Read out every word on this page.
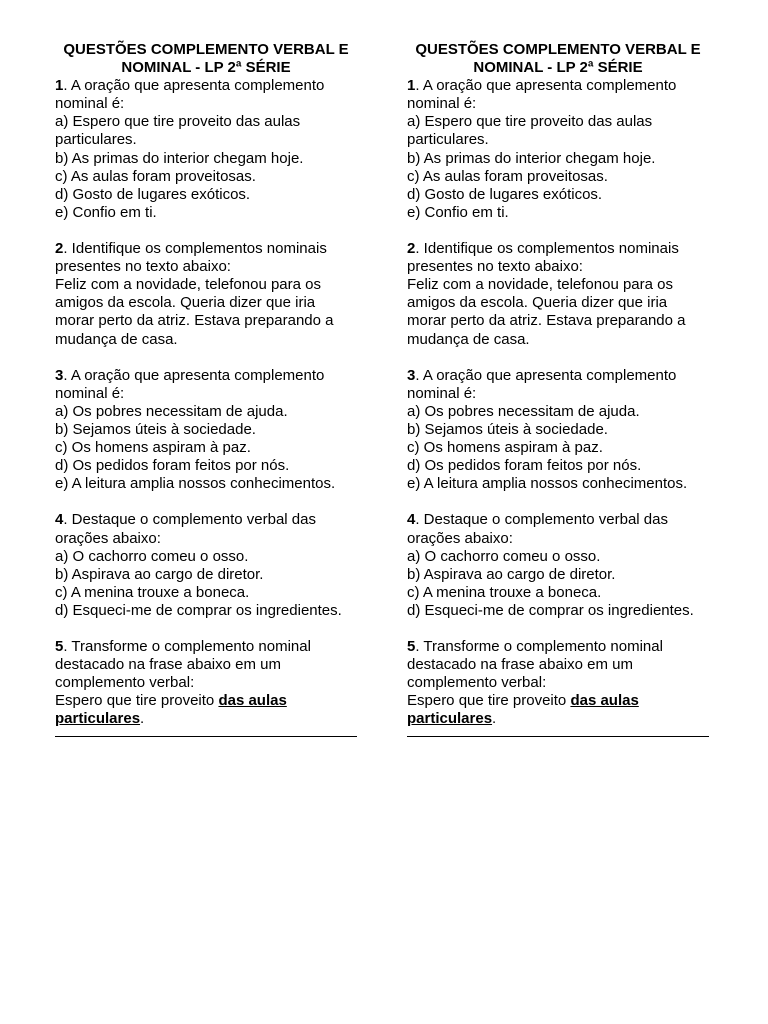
QUESTÕES COMPLEMENTO VERBAL E NOMINAL - LP 2ª SÉRIE

1. A oração que apresenta complemento nominal é:

a) Espero que tire proveito das aulas particulares.

b) As primas do interior chegam hoje.

c) As aulas foram proveitosas.

d) Gosto de lugares exóticos.

e) Confio em ti.

2. Identifique os complementos nominais presentes no texto abaixo:

Feliz com a novidade, telefonou para os amigos da escola. Queria dizer que iria morar perto da atriz. Estava preparando a mudança de casa.

3. A oração que apresenta complemento nominal é:

a) Os pobres necessitam de ajuda.

b) Sejamos úteis à sociedade.

c) Os homens aspiram à paz.

d) Os pedidos foram feitos por nós.

e) A leitura amplia nossos conhecimentos.

4. Destaque o complemento verbal das orações abaixo:

a) O cachorro comeu o osso.

b) Aspirava ao cargo de diretor.

c) A menina trouxe a boneca.

d) Esqueci-me de comprar os ingredientes.

5. Transforme o complemento nominal destacado na frase abaixo em um complemento verbal:

Espero que tire proveito das aulas particulares.

QUESTÕES COMPLEMENTO VERBAL E NOMINAL - LP 2ª SÉRIE

1. A oração que apresenta complemento nominal é:

a) Espero que tire proveito das aulas particulares.

b) As primas do interior chegam hoje.

c) As aulas foram proveitosas.

d) Gosto de lugares exóticos.

e) Confio em ti.

2. Identifique os complementos nominais presentes no texto abaixo:

Feliz com a novidade, telefonou para os amigos da escola. Queria dizer que iria morar perto da atriz. Estava preparando a mudança de casa.

3. A oração que apresenta complemento nominal é:

a) Os pobres necessitam de ajuda.

b) Sejamos úteis à sociedade.

c) Os homens aspiram à paz.

d) Os pedidos foram feitos por nós.

e) A leitura amplia nossos conhecimentos.

4. Destaque o complemento verbal das orações abaixo:

a) O cachorro comeu o osso.

b) Aspirava ao cargo de diretor.

c) A menina trouxe a boneca.

d) Esqueci-me de comprar os ingredientes.

5. Transforme o complemento nominal destacado na frase abaixo em um complemento verbal:

Espero que tire proveito das aulas particulares.
